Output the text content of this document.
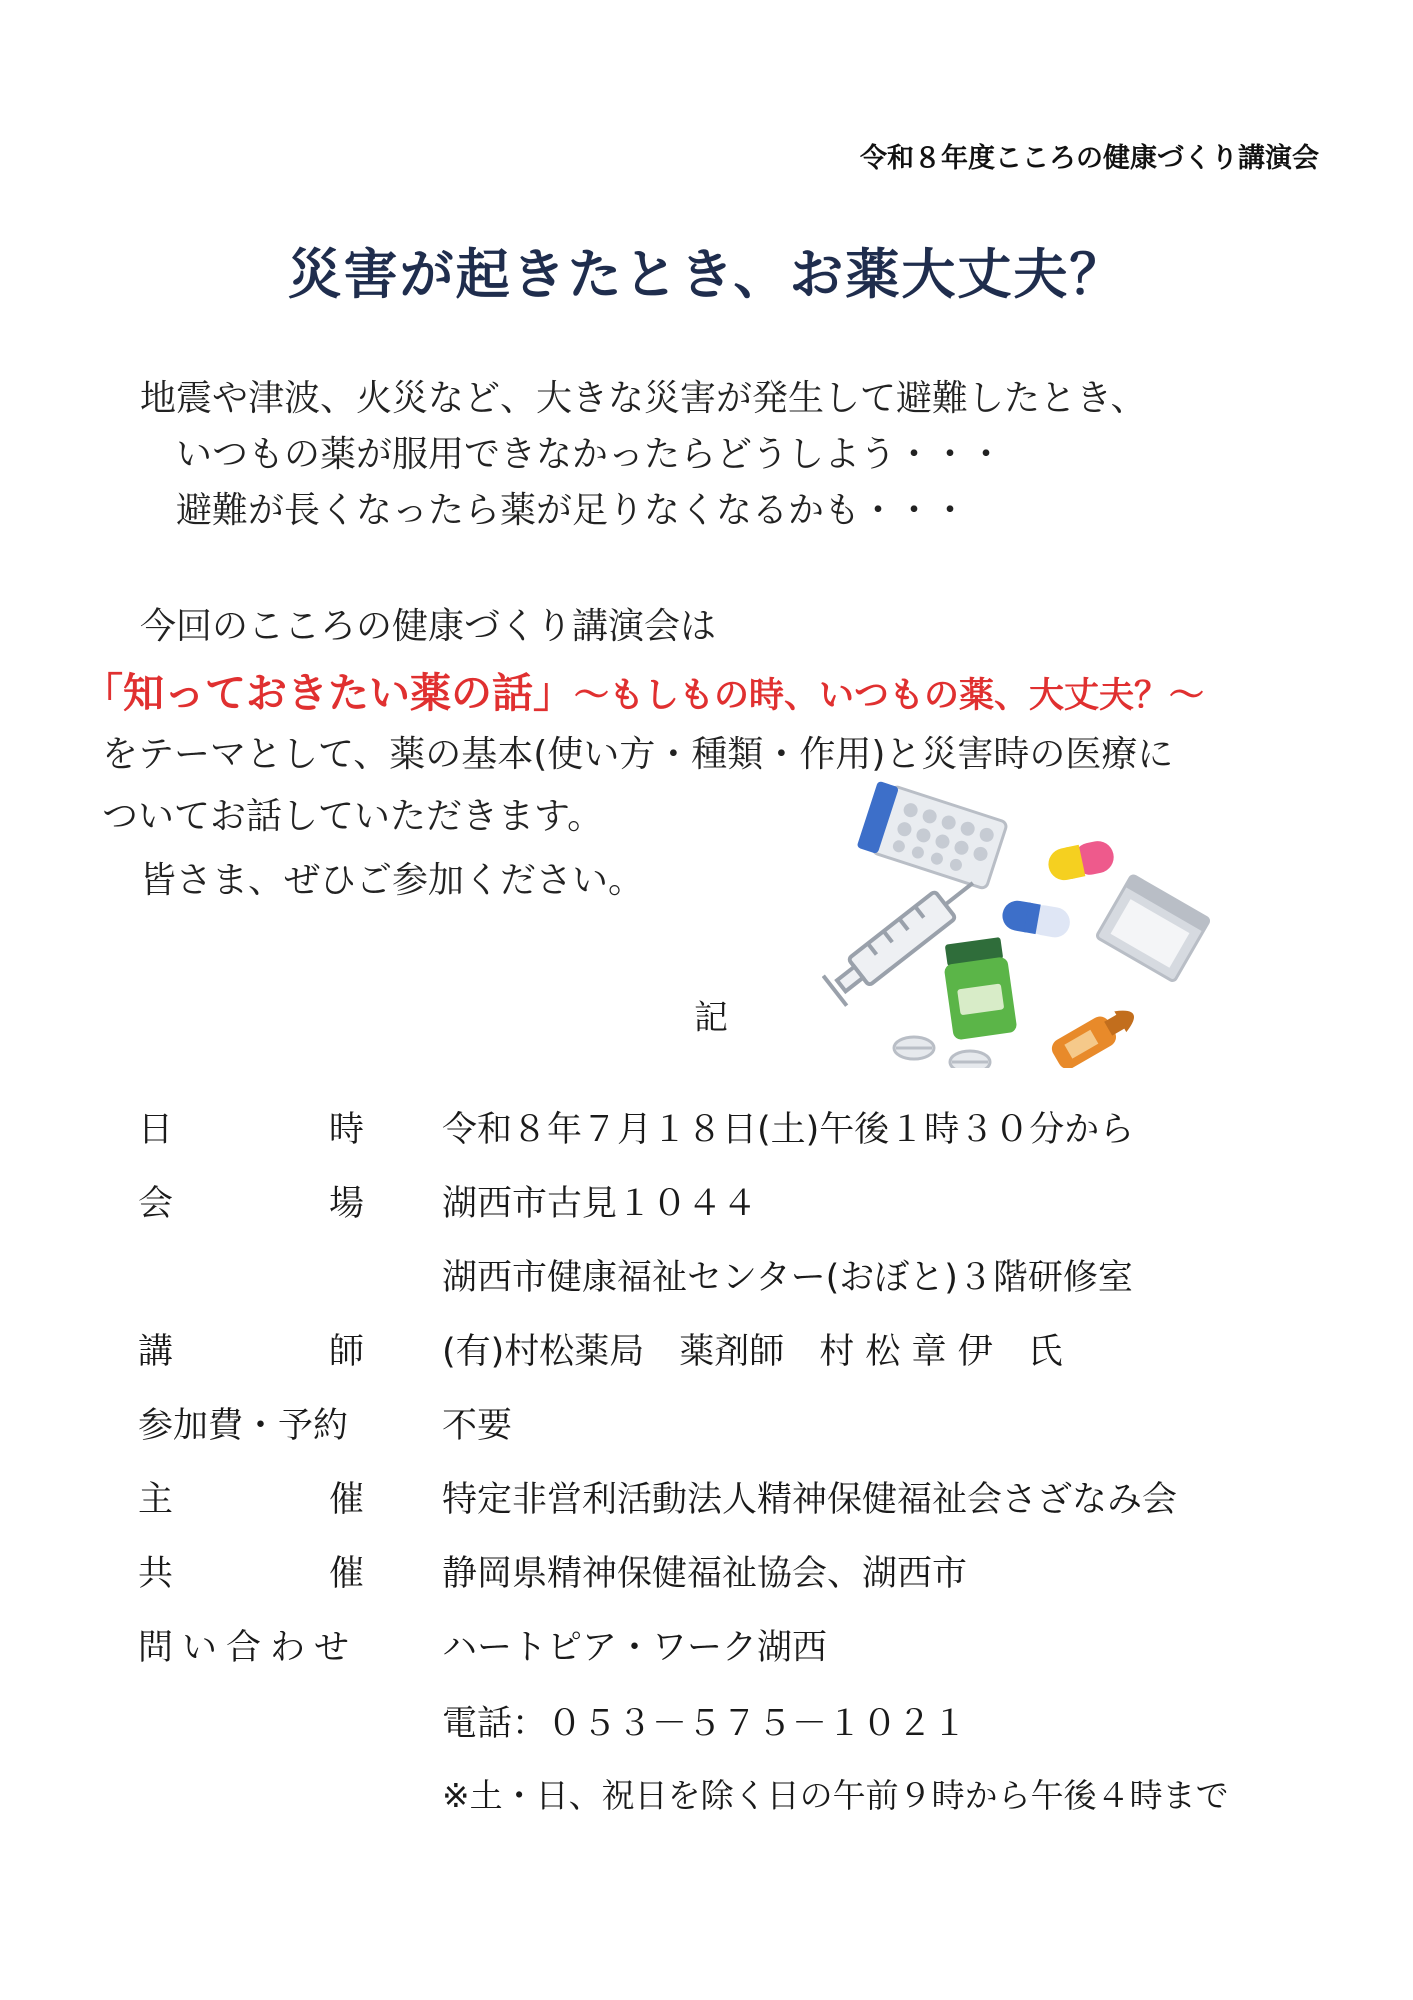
令和８年度こころの健康づくり講演会
災害が起きたとき、お薬大丈夫？
地震や津波、火災など、大きな災害が発生して避難したとき、
いつもの薬が服用できなかったらどうしよう・・・
避難が長くなったら薬が足りなくなるかも・・・
今回のこころの健康づくり講演会は
「知っておきたい薬の話」～もしもの時、いつもの薬、大丈夫？～
をテーマとして、薬の基本(使い方・種類・作用)と災害時の医療に
ついてお話していただきます。
皆さま、ぜひご参加ください。
記
日	時 令和８年７月１８日(土)午後１時３０分から
会	場 湖西市古見１０４４
湖西市健康福祉センター(おぼと)３階研修室
講	師 (有)村松薬局　薬剤師　村 松 章 伊　氏
参加費・予約	不要
主	催 特定非営利活動法人精神保健福祉会さざなみ会
共	催 静岡県精神保健福祉協会、湖西市
問い合わせ ハートピア・ワーク湖西
電話：０５３－５７５－１０２１
※土・日、祝日を除く日の午前９時から午後４時まで
